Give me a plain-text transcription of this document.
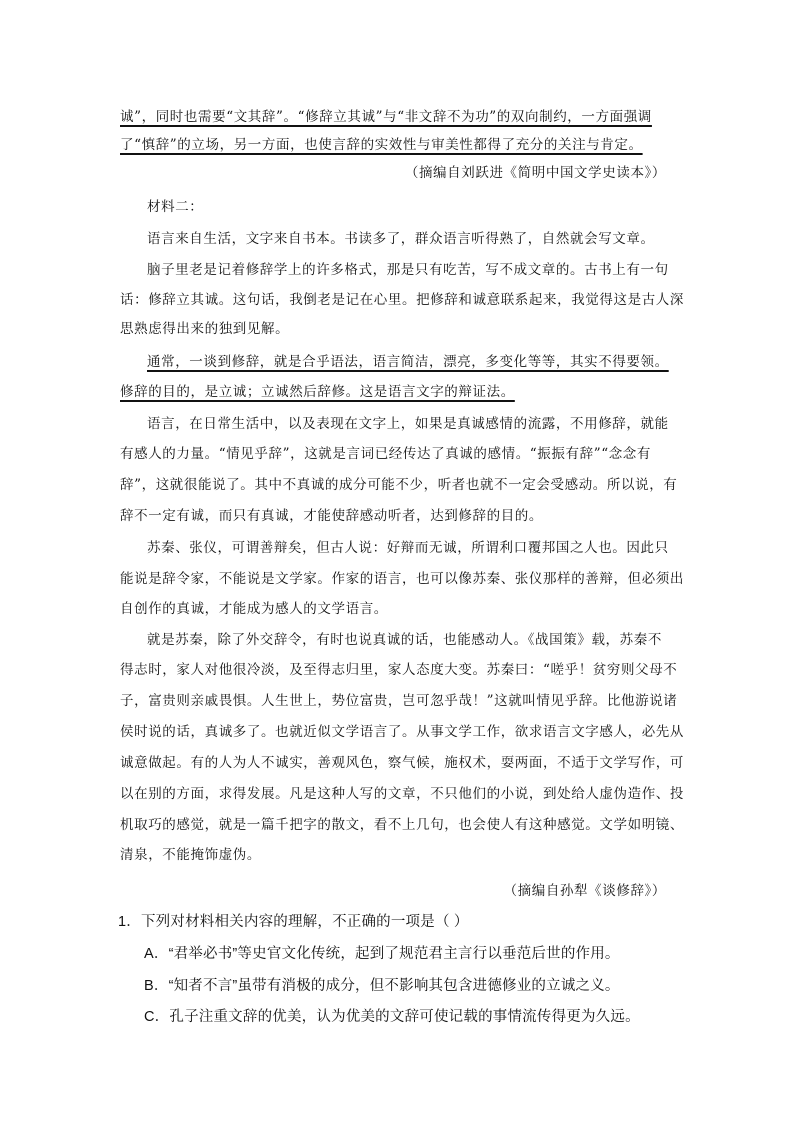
诚”，同时也需要“文其辞”。“修辞立其诚”与“非文辞不为功”的双向制约，一方面强调
了“慎辞”的立场，另一方面，也使言辞的实效性与审美性都得了充分的关注与肯定。
（摘编自刘跃进《简明中国文学史读本》）
材料二：
语言来自生活，文字来自书本。书读多了，群众语言听得熟了，自然就会写文章。
脑子里老是记着修辞学上的许多格式，那是只有吃苦，写不成文章的。古书上有一句
话：修辞立其诚。这句话，我倒老是记在心里。把修辞和诚意联系起来，我觉得这是古人深
思熟虑得出来的独到见解。
通常，一谈到修辞，就是合乎语法，语言简洁，漂亮，多变化等等，其实不得要领。
修辞的目的，是立诚；立诚然后辞修。这是语言文字的辩证法。
语言，在日常生活中，以及表现在文字上，如果是真诚感情的流露，不用修辞，就能
有感人的力量。“情见乎辞”，这就是言词已经传达了真诚的感情。“振振有辞”“念念有
辞”，这就很能说了。其中不真诚的成分可能不少，听者也就不一定会受感动。所以说，有
辞不一定有诚，而只有真诚，才能使辞感动听者，达到修辞的目的。
苏秦、张仪，可谓善辩矣，但古人说：好辩而无诚，所谓利口覆邦国之人也。因此只
能说是辞令家，不能说是文学家。作家的语言，也可以像苏秦、张仪那样的善辩，但必须出
自创作的真诚，才能成为感人的文学语言。
就是苏秦，除了外交辞令，有时也说真诚的话，也能感动人。《战国策》载，苏秦不
得志时，家人对他很冷淡，及至得志归里，家人态度大变。苏秦曰：“嗟乎！贫穷则父母不
子，富贵则亲戚畏惧。人生世上，势位富贵，岂可忽乎哉！”这就叫情见乎辞。比他游说诸
侯时说的话，真诚多了。也就近似文学语言了。从事文学工作，欲求语言文字感人，必先从
诚意做起。有的人为人不诚实，善观风色，察气候，施权术，耍两面，不适于文学写作，可
以在别的方面，求得发展。凡是这种人写的文章，不只他们的小说，到处给人虚伪造作、投
机取巧的感觉，就是一篇千把字的散文，看不上几句，也会使人有这种感觉。文学如明镜、
清泉，不能掩饰虚伪。
（摘编自孙犁《谈修辞》）
1．下列对材料相关内容的理解，不正确的一项是（ ）
A．“君举必书”等史官文化传统，起到了规范君主言行以垂范后世的作用。
B．“知者不言”虽带有消极的成分，但不影响其包含进德修业的立诚之义。
C．孔子注重文辞的优美，认为优美的文辞可使记载的事情流传得更为久远。
